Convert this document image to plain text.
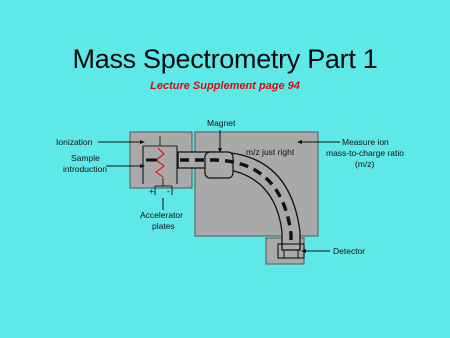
Mass Spectrometry Part 1
Lecture Supplement page 94
+ -
Ionization
Sample
introduction
Accelerator
plates
Magnet
m/z just right
Measure ion
mass-to-charge ratio
(m/z)
Detector
